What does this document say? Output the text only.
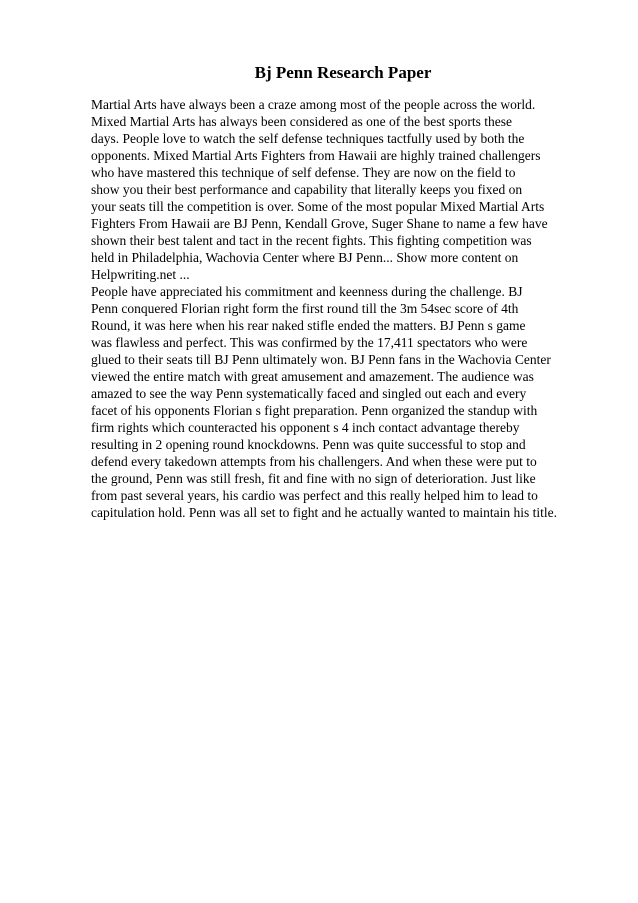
Bj Penn Research Paper
Martial Arts have always been a craze among most of the people across the world.
Mixed Martial Arts has always been considered as one of the best sports these
days. People love to watch the self defense techniques tactfully used by both the
opponents. Mixed Martial Arts Fighters from Hawaii are highly trained challengers
who have mastered this technique of self defense. They are now on the field to
show you their best performance and capability that literally keeps you fixed on
your seats till the competition is over. Some of the most popular Mixed Martial Arts
Fighters From Hawaii are BJ Penn, Kendall Grove, Suger Shane to name a few have
shown their best talent and tact in the recent fights. This fighting competition was
held in Philadelphia, Wachovia Center where BJ Penn... Show more content on
Helpwriting.net ...
People have appreciated his commitment and keenness during the challenge. BJ
Penn conquered Florian right form the first round till the 3m 54sec score of 4th
Round, it was here when his rear naked stifle ended the matters. BJ Penn s game
was flawless and perfect. This was confirmed by the 17,411 spectators who were
glued to their seats till BJ Penn ultimately won. BJ Penn fans in the Wachovia Center
viewed the entire match with great amusement and amazement. The audience was
amazed to see the way Penn systematically faced and singled out each and every
facet of his opponents Florian s fight preparation. Penn organized the standup with
firm rights which counteracted his opponent s 4 inch contact advantage thereby
resulting in 2 opening round knockdowns. Penn was quite successful to stop and
defend every takedown attempts from his challengers. And when these were put to
the ground, Penn was still fresh, fit and fine with no sign of deterioration. Just like
from past several years, his cardio was perfect and this really helped him to lead to
capitulation hold. Penn was all set to fight and he actually wanted to maintain his title.
